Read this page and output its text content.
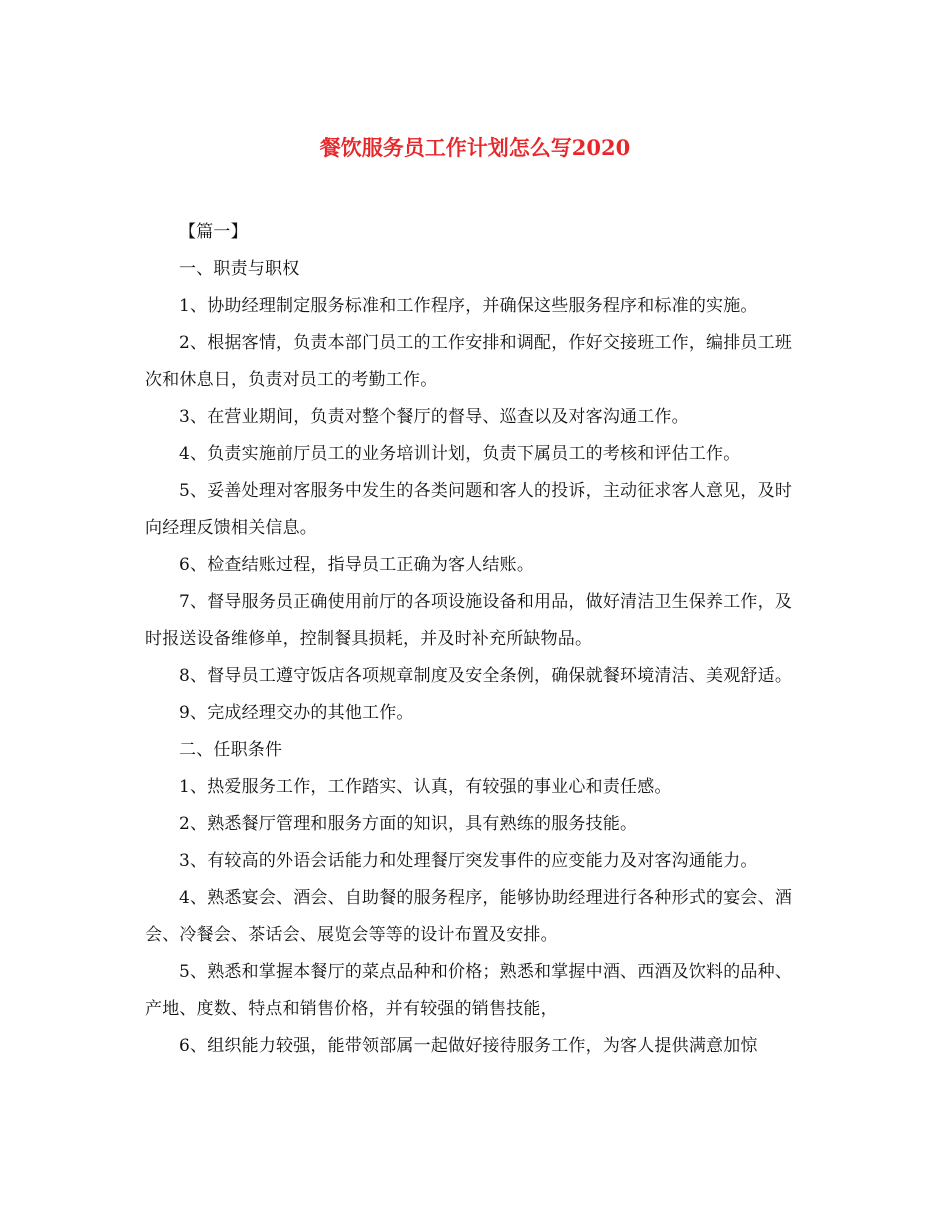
餐饮服务员工作计划怎么写2020

【篇一】

一、职责与职权

1、协助经理制定服务标准和工作程序，并确保这些服务程序和标准的实施。

2、根据客情，负责本部门员工的工作安排和调配，作好交接班工作，编排员工班次和休息日，负责对员工的考勤工作。

3、在营业期间，负责对整个餐厅的督导、巡查以及对客沟通工作。

4、负责实施前厅员工的业务培训计划，负责下属员工的考核和评估工作。

5、妥善处理对客服务中发生的各类问题和客人的投诉，主动征求客人意见，及时向经理反馈相关信息。

6、检查结账过程，指导员工正确为客人结账。

7、督导服务员正确使用前厅的各项设施设备和用品，做好清洁卫生保养工作，及时报送设备维修单，控制餐具损耗，并及时补充所缺物品。

8、督导员工遵守饭店各项规章制度及安全条例，确保就餐环境清洁、美观舒适。

9、完成经理交办的其他工作。

二、任职条件

1、热爱服务工作，工作踏实、认真，有较强的事业心和责任感。

2、熟悉餐厅管理和服务方面的知识，具有熟练的服务技能。

3、有较高的外语会话能力和处理餐厅突发事件的应变能力及对客沟通能力。

4、熟悉宴会、酒会、自助餐的服务程序，能够协助经理进行各种形式的宴会、酒会、冷餐会、茶话会、展览会等等的设计布置及安排。

5、熟悉和掌握本餐厅的菜点品种和价格；熟悉和掌握中酒、西酒及饮料的品种、产地、度数、特点和销售价格，并有较强的销售技能，

6、组织能力较强，能带领部属一起做好接待服务工作，为客人提供满意加惊
